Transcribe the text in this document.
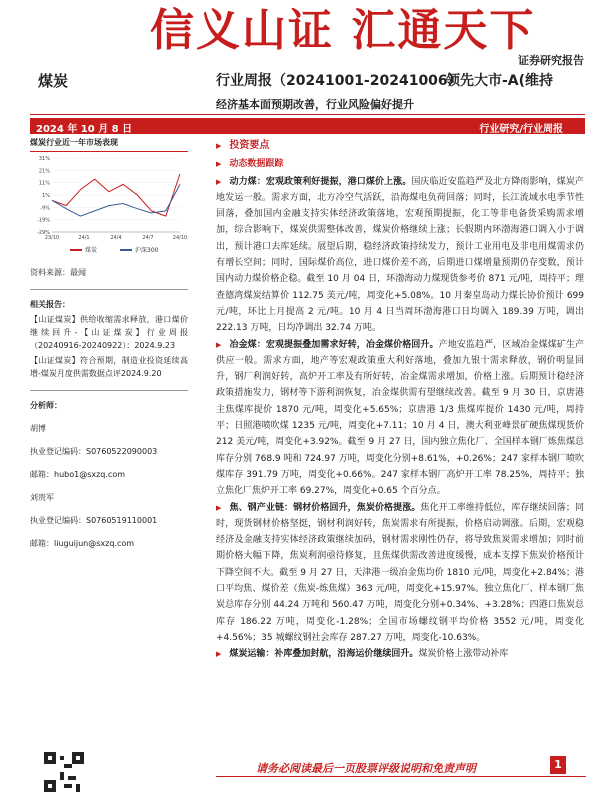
信义山证 汇通天下
证券研究报告
煤炭	行业周报（20241001-20241006）
领先大市-A(维持
经济基本面预期改善，行业风险偏好提升
2024 年 10 月 8 日	行业研究/行业周报
煤炭行业近一年市场表现
31%
21%
11%
1%
-9%
-19%
-29%
23/10	24/1	24/4	24/7	24/10
煤炭	沪深300
资料来源：最闻
相关报告：

【山证煤炭】供给收缩需求释放，港口煤价继续回升-【山证煤炭】行业周报（20240916-20240922）：2024.9.23

【山证煤炭】符合预期，制造业投资延续高增-煤炭月度供需数据点评2024.9.20

分析师：

胡博

执业登记编码：S0760522090003

邮箱：hubo1@sxzq.com

刘贵军

执业登记编码：S0760519110001

邮箱：liuguijun@sxzq.com

▶ 投资要点
▶ 动态数据跟踪
▶ 动力煤：宏观政策利好提振，港口煤价上涨。国庆临近安监趋严及北方降雨影响，煤炭产地发运一般。需求方面，北方冷空气活跃，沿海煤电负荷回落；同时，长江流域水电季节性回落，叠加国内金融支持实体经济政策落地，宏观预期提振，化工等非电备货采购需求增加，综合影响下，煤炭供需整体改善，煤炭价格继续上涨；长假期内环渤海港口调入小于调出，预计港口去库延续。展望后期，稳经济政策持续发力，预计工业用电及非电用煤需求仍有增长空间；同时，国际煤价高位，进口煤价差不高，后期进口煤增量预期仍存变数，预计国内动力煤价格企稳。截至 10 月 04 日，环渤海动力煤现货参考价 871 元/吨，周持平；理查德湾煤炭结算价 112.75 美元/吨，周变化+5.08%。10 月秦皇岛动力煤长协价预计 699 元/吨，环比上月提高 2 元/吨。10 月 4 日当周环渤海港口日均调入 189.39 万吨，调出 222.13 万吨，日均净调出 32.74 万吨。
▶ 冶金煤：宏观提振叠加需求好转，冶金煤价格回升。产地安监趋严，区域冶金煤煤矿生产供应一般。需求方面，地产等宏观政策重大利好落地，叠加九银十需求释放，钢价明显回升，钢厂利润好转，高炉开工率及有所好转，冶金煤需求增加，价格上涨。后期预计稳经济政策措施发力，钢材等下游利润恢复，冶金煤供需有望继续改善。截至 9 月 30 日，京唐港主焦煤库提价 1870 元/吨，周变化+5.65%；京唐港 1/3 焦煤库提价 1430 元/吨，周持平；日照港喷吹煤 1235 元/吨，周变化+7.11；10 月 4 日，澳大利亚峰景矿硬焦煤现货价 212 美元/吨，周变化+3.92%。截至 9 月 27 日，国内独立焦化厂、全国样本钢厂炼焦煤总库存分别 768.9 吨和 724.97 万吨，周变化分别+8.61%，+0.26%；247 家样本钢厂喷吹煤库存 391.79 万吨，周变化+0.66%。247 家样本钢厂高炉开工率 78.25%，周持平；独立焦化厂焦炉开工率 69.27%，周变化+0.65 个百分点。
▶ 焦、钢产业链：钢材价格回升，焦炭价格提涨。焦化开工率维持低位，库存继续回落；同时，现货钢材价格坚挺，钢材利润好转，焦炭需求有所提振，价格启动调涨。后期，宏观稳经济及金融支持实体经济政策继续加码，钢材需求刚性仍存，将导致焦炭需求增加；同时前期价格大幅下降，焦炭利润亟待修复，且焦煤供需改善进度缓慢，成本支撑下焦炭价格预计下降空间不大。截至 9 月 27 日，天津港一级冶金焦均价 1810 元/吨，周变化+2.84%；港口平均焦、煤价差（焦炭-炼焦煤）363 元/吨，周变化+15.97%。独立焦化厂、样本钢厂焦炭总库存分别 44.24 万吨和 560.47 万吨，周变化分别+0.34%、+3.28%；四港口焦炭总库存 186.22 万吨，周变化-1.28%；全国市场螺纹钢平均价格 3552 元/吨，周变化+4.56%；35 城螺纹钢社会库存 287.27 万吨，周变化-10.63%。
▶ 煤炭运输：补库叠加封航，沿海运价继续回升。煤炭价格上涨带动补库
请务必阅读最后一页股票评级说明和免责声明	1
